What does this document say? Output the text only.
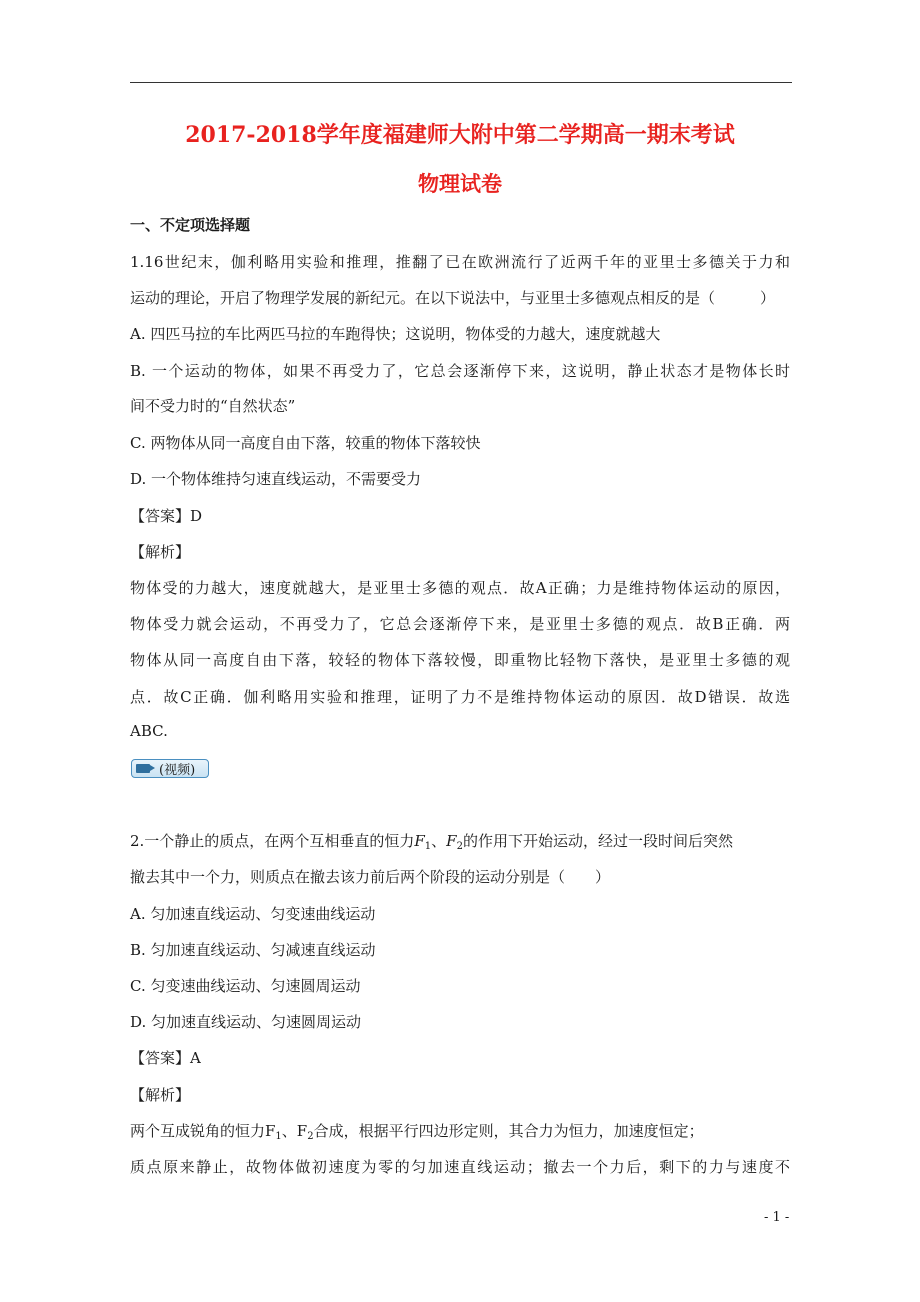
2017-2018学年度福建师大附中第二学期高一期末考试
物理试卷
一、不定项选择题
1.16世纪末，伽利略用实验和推理，推翻了已在欧洲流行了近两千年的亚里士多德关于力和
运动的理论，开启了物理学发展的新纪元。在以下说法中，与亚里士多德观点相反的是（　　　）
A. 四匹马拉的车比两匹马拉的车跑得快；这说明，物体受的力越大，速度就越大
B. 一个运动的物体，如果不再受力了，它总会逐渐停下来，这说明，静止状态才是物体长时
间不受力时的“自然状态”
C. 两物体从同一高度自由下落，较重的物体下落较快
D. 一个物体维持匀速直线运动，不需要受力
【答案】D
【解析】
物体受的力越大，速度就越大，是亚里士多德的观点．故A正确；力是维持物体运动的原因，
物体受力就会运动，不再受力了，它总会逐渐停下来，是亚里士多德的观点．故B正确．两
物体从同一高度自由下落，较轻的物体下落较慢，即重物比轻物下落快，是亚里士多德的观
点．故C正确．伽利略用实验和推理，证明了力不是维持物体运动的原因．故D错误．故选
ABC.
(视频)
2.一个静止的质点，在两个互相垂直的恒力$F_1$、$F_2$的作用下开始运动，经过一段时间后突然
撤去其中一个力，则质点在撤去该力前后两个阶段的运动分别是（　　）
A. 匀加速直线运动、匀变速曲线运动
B. 匀加速直线运动、匀减速直线运动
C. 匀变速曲线运动、匀速圆周运动
D. 匀加速直线运动、匀速圆周运动
【答案】A
【解析】
两个互成锐角的恒力$F_1$、$F_2$合成，根据平行四边形定则，其合力为恒力，加速度恒定；
质点原来静止，故物体做初速度为零的匀加速直线运动；撤去一个力后，剩下的力与速度不
- 1 -
